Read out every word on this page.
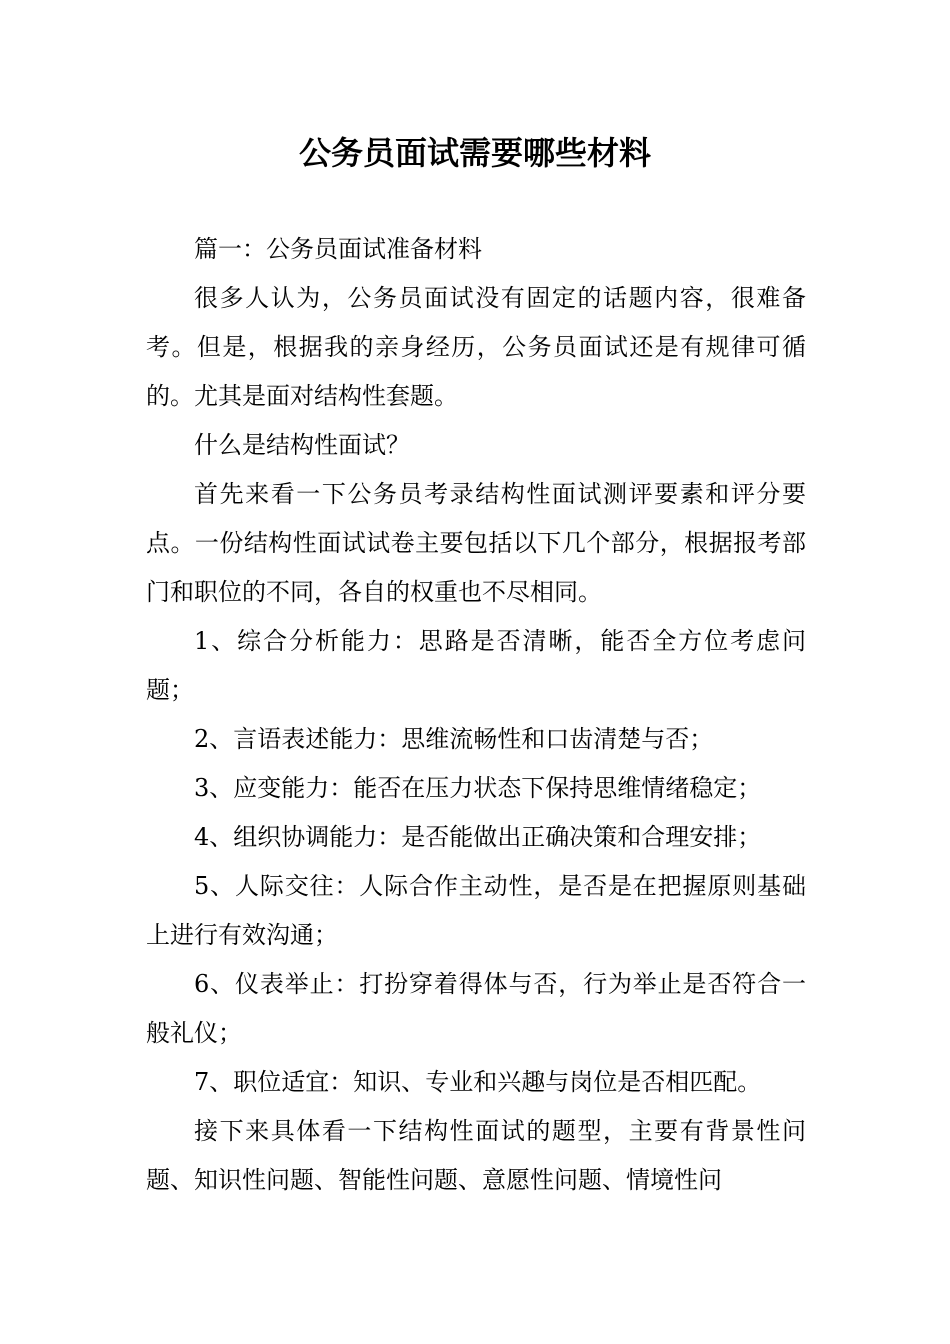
公务员面试需要哪些材料

篇一：公务员面试准备材料

很多人认为，公务员面试没有固定的话题内容，很难备考。但是，根据我的亲身经历，公务员面试还是有规律可循的。尤其是面对结构性套题。

什么是结构性面试？

首先来看一下公务员考录结构性面试测评要素和评分要点。一份结构性面试试卷主要包括以下几个部分，根据报考部门和职位的不同，各自的权重也不尽相同。

1、综合分析能力：思路是否清晰，能否全方位考虑问题；

2、言语表述能力：思维流畅性和口齿清楚与否；

3、应变能力：能否在压力状态下保持思维情绪稳定；

4、组织协调能力：是否能做出正确决策和合理安排；

5、人际交往：人际合作主动性，是否是在把握原则基础上进行有效沟通；

6、仪表举止：打扮穿着得体与否，行为举止是否符合一般礼仪；

7、职位适宜：知识、专业和兴趣与岗位是否相匹配。

接下来具体看一下结构性面试的题型，主要有背景性问题、知识性问题、智能性问题、意愿性问题、情境性问
